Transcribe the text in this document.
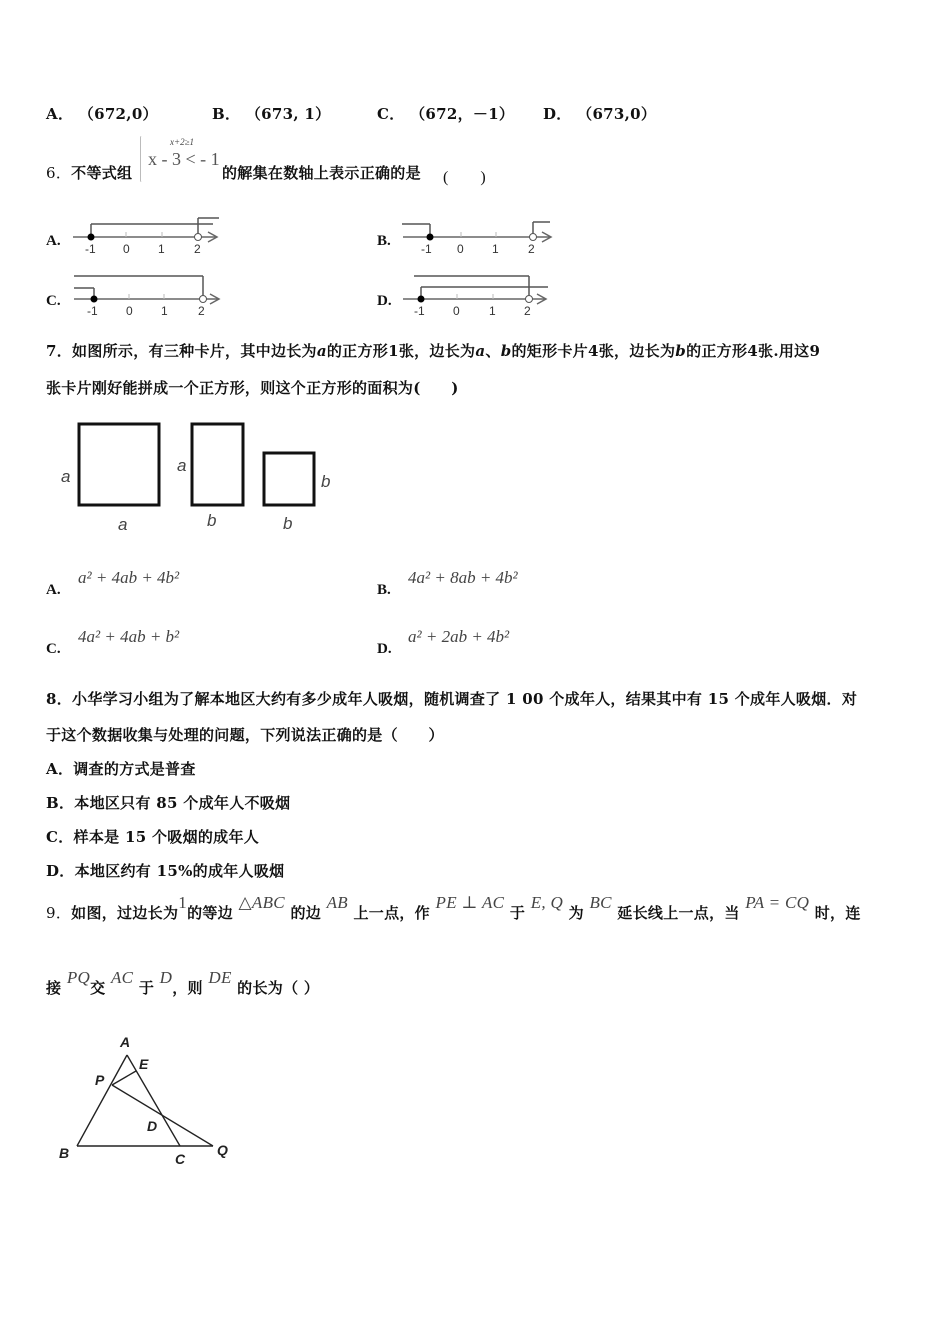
A． （672,0）	B． （673, 1）	C． （672，－1） D． （673,0）
6．不等式组
x+2≥1
x - 3 < - 1
的解集在数轴上表示正确的是 (　　)
A. -1 0 1 2	B.	-1 0 1 2
C.
-1 0 1	2
D.
-1 0 1 2
7．如图所示，有三种卡片，其中边长为a的正方形1张，边长为a、b的矩形卡片4张，边长为b的正方形4张.用这9
张卡片刚好能拼成一个正方形，则这个正方形的面积为(　　)
a
a
a
b
b
b
A.
a² + 4ab + 4b²
B.
4a² + 8ab + 4b²
C.
4a² + 4ab + b²
D.
a² + 2ab + 4b²
8．小华学习小组为了解本地区大约有多少成年人吸烟，随机调查了 1 00 个成年人，结果其中有 15 个成年人吸烟．对
于这个数据收集与处理的问题，下列说法正确的是（　　）
A．调查的方式是普查
B．本地区只有 85 个成年人不吸烟
C．样本是 15 个吸烟的成年人
D．本地区约有 15%的成年人吸烟
9．如图，过边长为1的等边 △ABC 的边 AB 上一点，作 PE ⊥ AC 于 E, Q 为 BC 延长线上一点，当 PA = CQ 时，连
接 PQ交 AC 于 D，则 DE 的长为（ ）
A
E
P
D
B	C
Q
